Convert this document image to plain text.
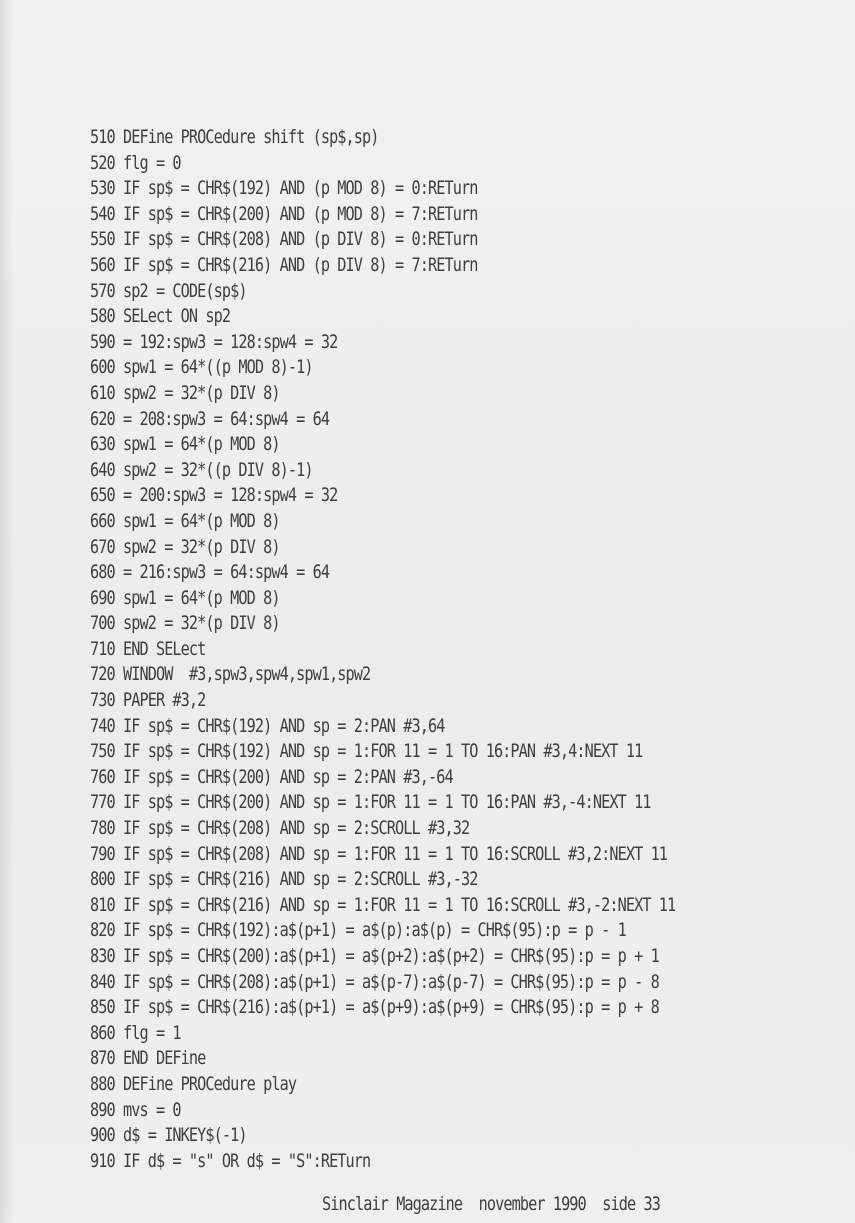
510 DEFine PROCedure shift (sp$,sp)
520 flg = 0
530 IF sp$ = CHR$(192) AND (p MOD 8) = 0:RETurn
540 IF sp$ = CHR$(200) AND (p MOD 8) = 7:RETurn
550 IF sp$ = CHR$(208) AND (p DIV 8) = 0:RETurn
560 IF sp$ = CHR$(216) AND (p DIV 8) = 7:RETurn
570 sp2 = CODE(sp$)
580 SELect ON sp2
590 = 192:spw3 = 128:spw4 = 32
600 spw1 = 64*((p MOD 8)-1)
610 spw2 = 32*(p DIV 8)
620 = 208:spw3 = 64:spw4 = 64
630 spw1 = 64*(p MOD 8)
640 spw2 = 32*((p DIV 8)-1)
650 = 200:spw3 = 128:spw4 = 32
660 spw1 = 64*(p MOD 8)
670 spw2 = 32*(p DIV 8)
680 = 216:spw3 = 64:spw4 = 64
690 spw1 = 64*(p MOD 8)
700 spw2 = 32*(p DIV 8)
710 END SELect
720 WINDOW  #3,spw3,spw4,spw1,spw2
730 PAPER #3,2
740 IF sp$ = CHR$(192) AND sp = 2:PAN #3,64
750 IF sp$ = CHR$(192) AND sp = 1:FOR 11 = 1 TO 16:PAN #3,4:NEXT 11
760 IF sp$ = CHR$(200) AND sp = 2:PAN #3,-64
770 IF sp$ = CHR$(200) AND sp = 1:FOR 11 = 1 TO 16:PAN #3,-4:NEXT 11
780 IF sp$ = CHR$(208) AND sp = 2:SCROLL #3,32
790 IF sp$ = CHR$(208) AND sp = 1:FOR 11 = 1 TO 16:SCROLL #3,2:NEXT 11
800 IF sp$ = CHR$(216) AND sp = 2:SCROLL #3,-32
810 IF sp$ = CHR$(216) AND sp = 1:FOR 11 = 1 TO 16:SCROLL #3,-2:NEXT 11
820 IF sp$ = CHR$(192):a$(p+1) = a$(p):a$(p) = CHR$(95):p = p - 1
830 IF sp$ = CHR$(200):a$(p+1) = a$(p+2):a$(p+2) = CHR$(95):p = p + 1
840 IF sp$ = CHR$(208):a$(p+1) = a$(p-7):a$(p-7) = CHR$(95):p = p - 8
850 IF sp$ = CHR$(216):a$(p+1) = a$(p+9):a$(p+9) = CHR$(95):p = p + 8
860 flg = 1
870 END DEFine
880 DEFine PROCedure play
890 mvs = 0
900 d$ = INKEY$(-1)
910 IF d$ = "s" OR d$ = "S":RETurn
Sinclair Magazine  november 1990  side 33
